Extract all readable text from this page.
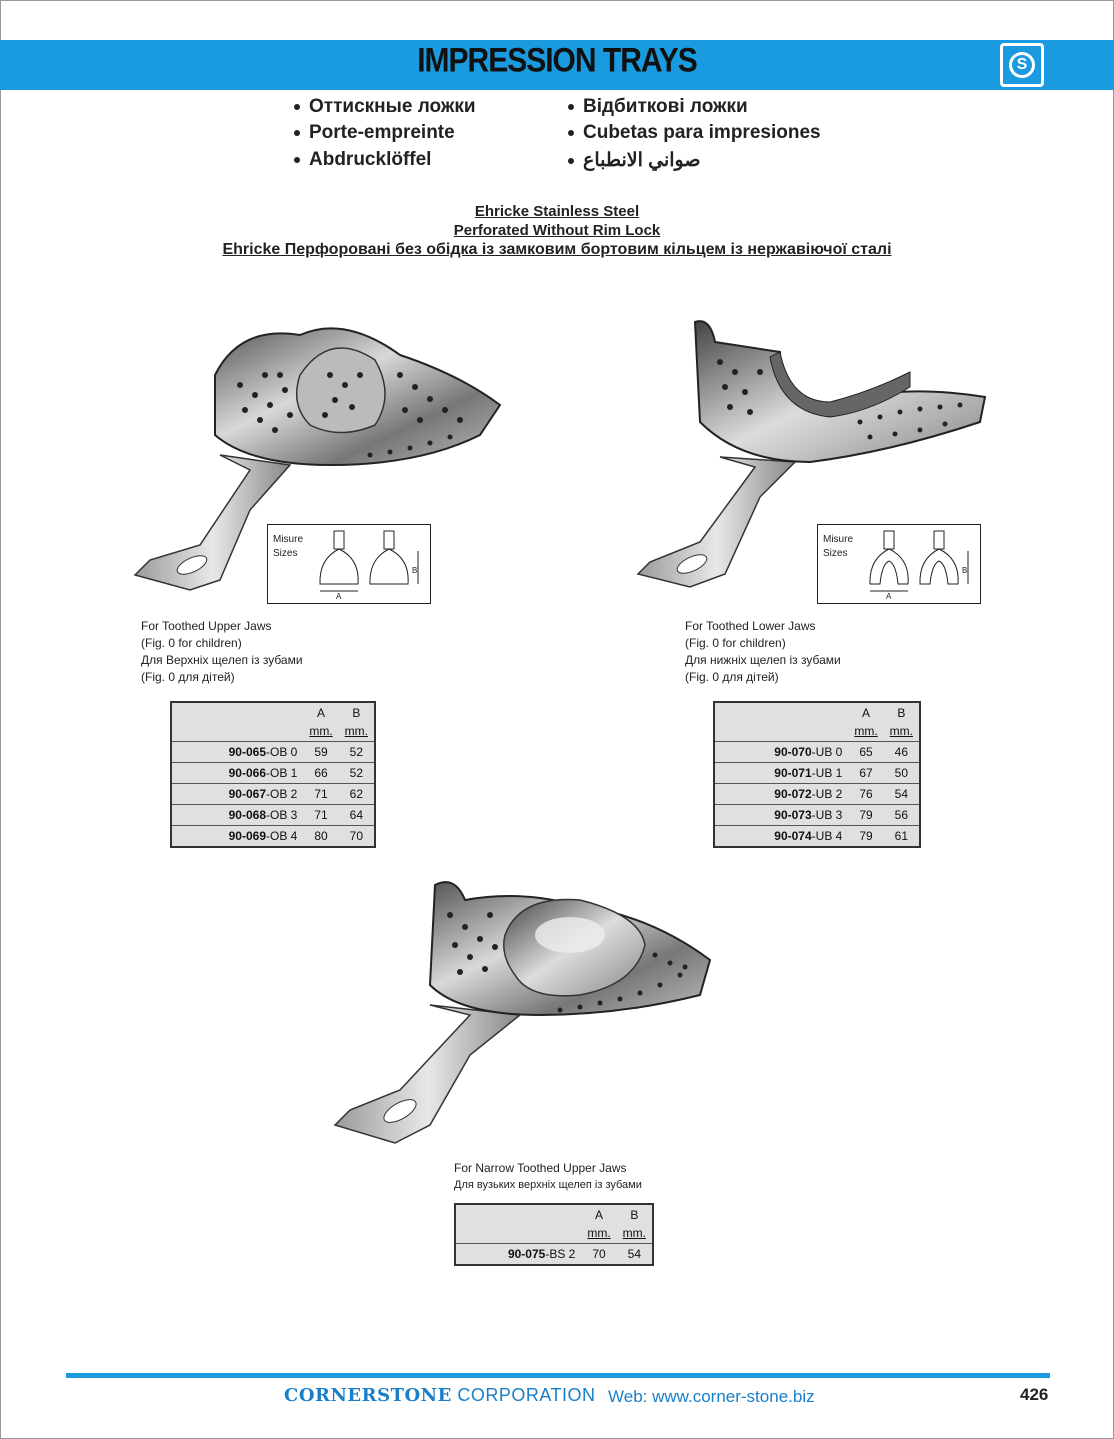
IMPRESSION TRAYS	S
Оттискные ложки
Porte-empreinte
Abdrucklöffel
Відбиткові ложки
Cubetas para impresiones
صواني الانطباع
Ehricke Stainless Steel
Perforated Without Rim Lock
Ehricke Перфоровані без обідка із замковим бортовим кільцем із нержавіючої сталі
Misure
Sizes
A
B
Misure
Sizes
A
B
For Toothed Upper Jaws
(Fig. 0 for children)
Для Верхніх щелеп із зубами
(Fig. 0 для дітей)
	A	B
	mm.	mm.
90-065-OB 0	59	52
90-066-OB 1	66	52
90-067-OB 2	71	62
90-068-OB 3	71	64
90-069-OB 4	80	70
For Toothed Lower Jaws
(Fig. 0 for children)
Для нижніх щелеп із зубами
(Fig. 0 для дітей)
	A	B
	mm.	mm.
90-070-UB 0	65	46
90-071-UB 1	67	50
90-072-UB 2	76	54
90-073-UB 3	79	56
90-074-UB 4	79	61
For Narrow Toothed Upper Jaws
Для вузьких верхніх щелеп із зубами
	A	B
	mm.	mm.
90-075-BS 2	70	54
CORNERSTONE CORPORATION Web: www.corner-stone.biz	426
